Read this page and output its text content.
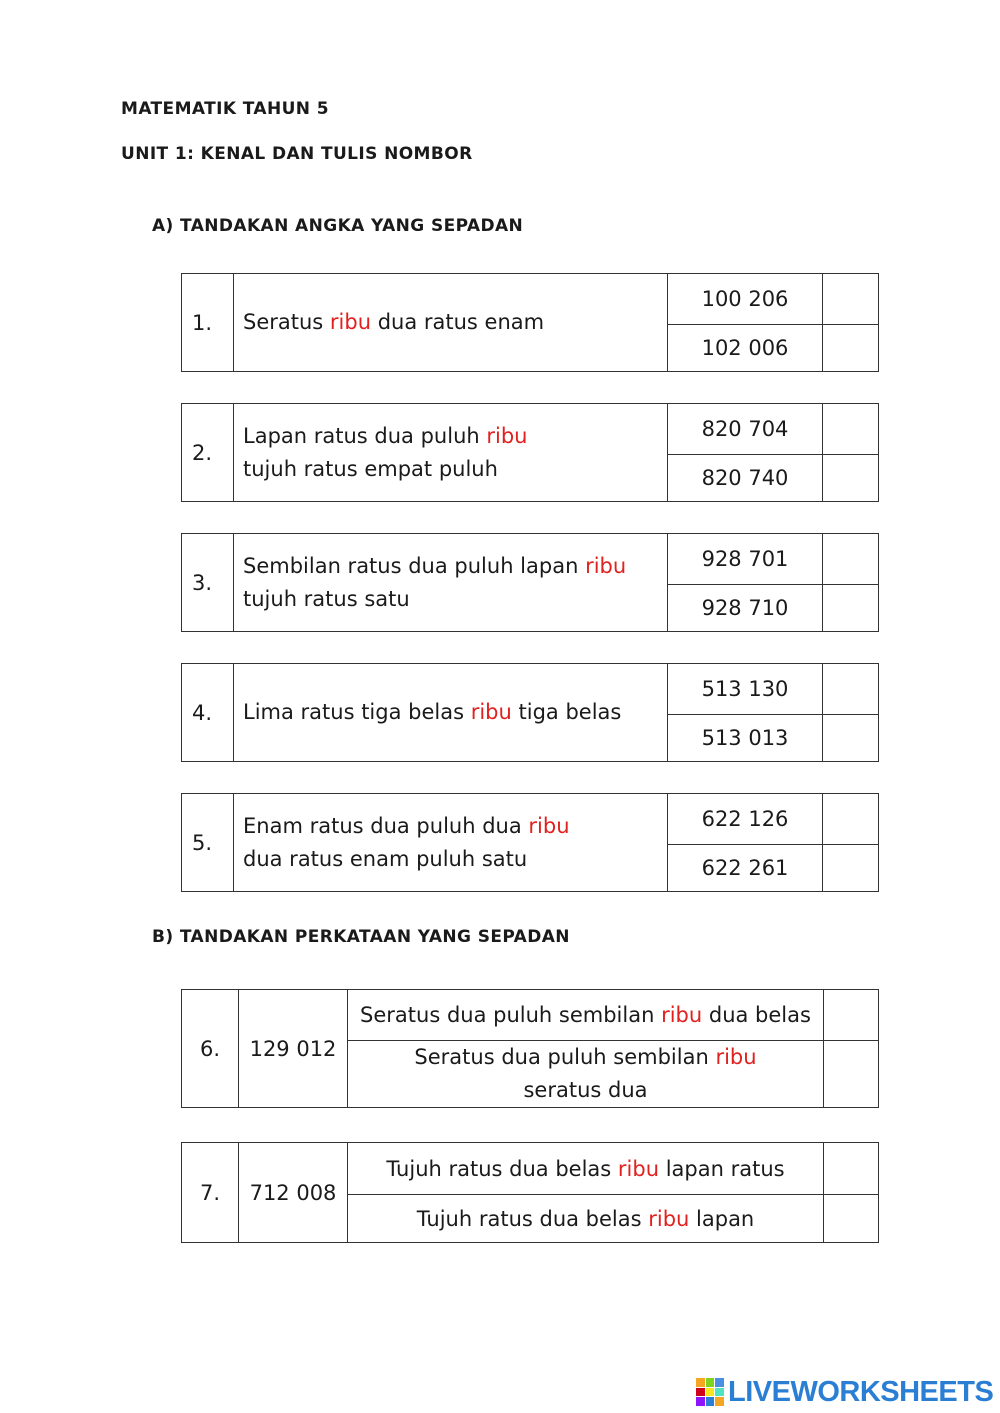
MATEMATIK TAHUN 5
UNIT 1: KENAL DAN TULIS NOMBOR
A) TANDAKAN ANGKA YANG SEPADAN
1.	Seratus ribu dua ratus enam	100 206	
		102 006	
2.	Lapan ratus dua puluh ribu
tujuh ratus empat puluh	820 704	
		820 740	
3.	Sembilan ratus dua puluh lapan ribu
tujuh ratus satu	928 701	
		928 710	
4.	Lima ratus tiga belas ribu tiga belas	513 130	
		513 013	
5.	Enam ratus dua puluh dua ribu
dua ratus enam puluh satu	622 126	
		622 261	
B) TANDAKAN PERKATAAN YANG SEPADAN
6.	129 012	Seratus dua puluh sembilan ribu dua belas	
		Seratus dua puluh sembilan ribu
seratus dua	
7.	712 008	Tujuh ratus dua belas ribu lapan ratus	
		Tujuh ratus dua belas ribu lapan	
LIVEWORKSHEETS
